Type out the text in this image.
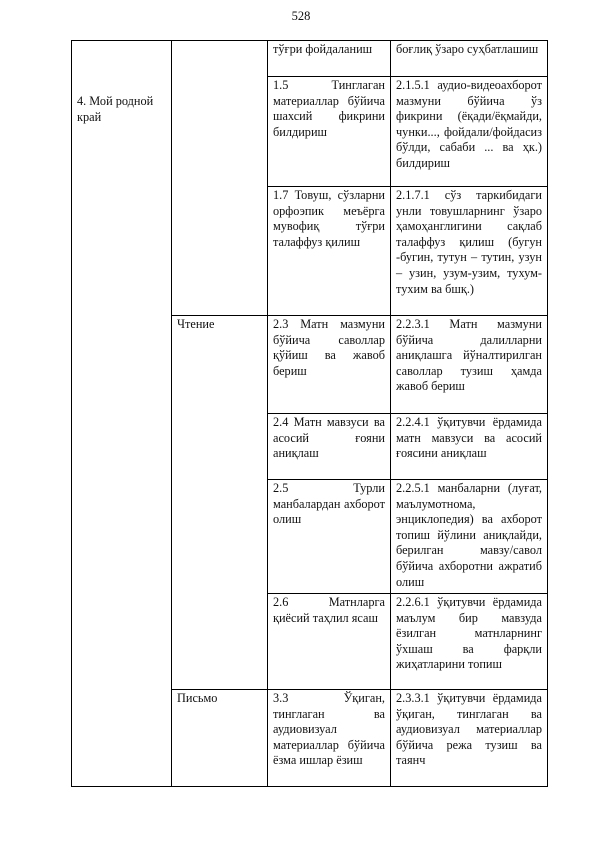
528
4. Мой родной край		тўғри фойдаланиш	боғлиқ ўзаро суҳбатлашиш
		1.5 Тинглаган материаллар бўйича шахсий фикрини билдириш	2.1.5.1 аудио-видеоахборот мазмуни бўйича ўз фикрини (ёқади/ёқмайди, чунки..., фойдали/фойдасиз бўлди, сабаби ... ва ҳк.) билдириш
		1.7 Товуш, сўзларни орфоэпик меъёрга мувофиқ тўғри талаффуз қилиш	2.1.7.1 сўз таркибидаги унли товушларнинг ўзаро ҳамоҳанглигини сақлаб талаффуз қилиш (бугун -бугин, тутун – тутин, узун – узин, узум-узим, тухум-тухим ва бшқ.)
	Чтение	2.3 Матн мазмуни бўйича саволлар қўйиш ва жавоб бериш	2.2.3.1 Матн мазмуни бўйича далилларни аниқлашга йўналтирилган саволлар тузиш ҳамда жавоб бериш
		2.4 Матн мавзуси ва асосий ғояни аниқлаш	2.2.4.1 ўқитувчи ёрдамида матн мавзуси ва асосий ғоясини аниқлаш
		2.5 Турли манбалардан ахборот олиш	2.2.5.1 манбаларни (луғат, маълумотнома, энциклопедия) ва ахборот топиш йўлини аниқлайди, берилган мавзу/савол бўйича ахборотни ажратиб олиш
		2.6 Матнларга қиёсий таҳлил ясаш	2.2.6.1 ўқитувчи ёрдамида маълум бир мавзуда ёзилган матнларнинг ўхшаш ва фарқли жиҳатларини топиш
	Письмо	3.3 Ўқиган, тинглаган ва аудиовизуал материаллар бўйича ёзма ишлар ёзиш	2.3.3.1 ўқитувчи ёрдамида ўқиган, тинглаган ва аудиовизуал материаллар бўйича режа тузиш ва таянч
